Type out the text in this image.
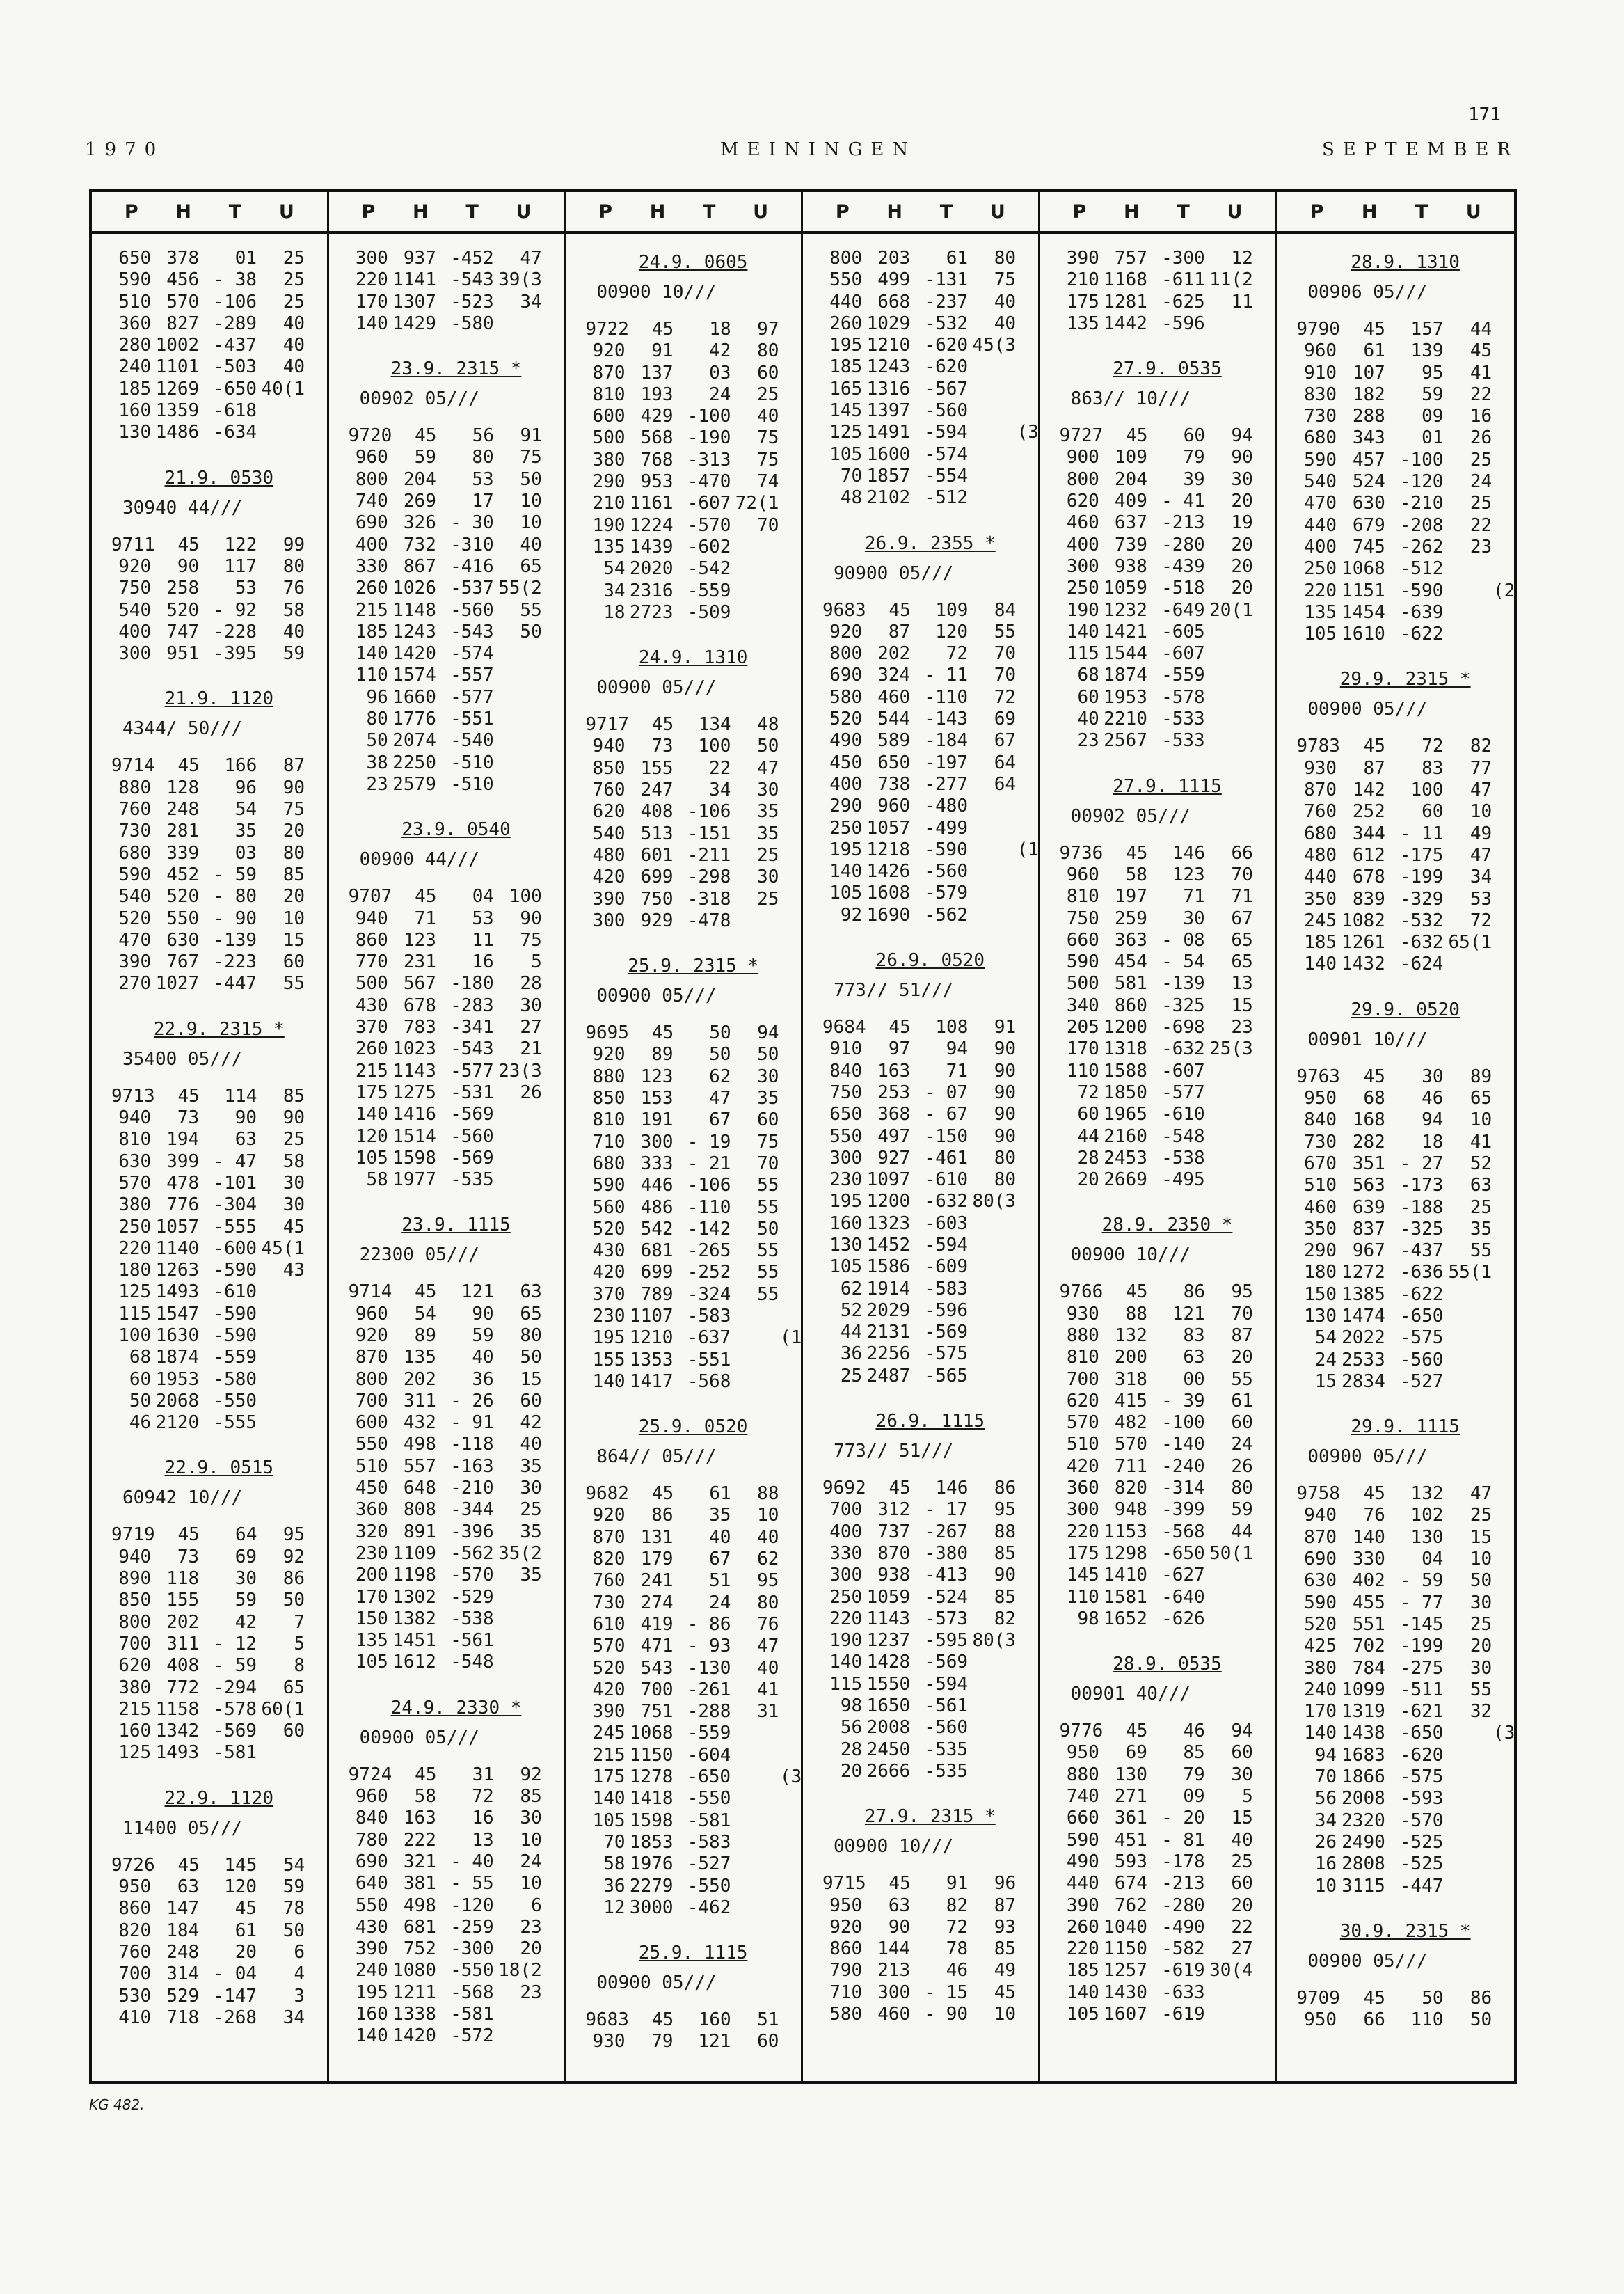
171
1970	MEININGEN	SEPTEMBER
P H T U
650 378	01	25
590 456 - 38	25
510 570 -106	25
360 827 -289	40
280 1002 -437	40
240 1101 -503	40
185 1269 -650 40(1
160 1359 -618
130 1486 -634
21.9. 0530
30940 44///
9711	45	122	99
920	90	117	80
750 258	53	76
540 520 - 92	58
400 747 -228	40
300 951 -395	59
21.9. 1120
4344/ 50///
9714	45	166	87
880 128	96	90
760 248	54	75
730 281	35	20
680 339	03	80
590 452 - 59	85
540 520 - 80	20
520 550 - 90	10
470 630 -139	15
390 767 -223	60
270 1027 -447	55
22.9. 2315 *
35400 05///
9713	45	114	85
940	73	90	90
810 194	63	25
630 399 - 47	58
570 478 -101	30
380 776 -304	30
250 1057 -555	45
220 1140 -600 45(1
180 1263 -590	43
125 1493 -610
115 1547 -590
100 1630 -590
68 1874 -559
60 1953 -580
50 2068 -550
46 2120 -555
22.9. 0515
60942 10///
9719	45	64	95
940	73	69	92
890 118	30	86
850 155	59	50
800 202	42	7
700 311 - 12	5
620 408 - 59	8
380 772 -294	65
215 1158 -578 60(1
160 1342 -569	60
125 1493 -581
22.9. 1120
11400 05///
9726	45	145	54
950	63	120	59
860 147	45	78
820 184	61	50
760 248	20	6
700 314 - 04	4
530 529 -147	3
410 718 -268	34
P H T U
300 937 -452	47
220 1141 -543 39(3
170 1307 -523	34
140 1429 -580
23.9. 2315 *
00902 05///
9720	45	56	91
960	59	80	75
800 204	53	50
740 269	17	10
690 326 - 30	10
400 732 -310	40
330 867 -416	65
260 1026 -537 55(2
215 1148 -560	55
185 1243 -543	50
140 1420 -574
110 1574 -557
96 1660 -577
80 1776 -551
50 2074 -540
38 2250 -510
23 2579 -510
23.9. 0540
00900 44///
9707	45	04 100
940	71	53	90
860 123	11	75
770 231	16	5
500 567 -180	28
430 678 -283	30
370 783 -341	27
260 1023 -543	21
215 1143 -577 23(3
175 1275 -531	26
140 1416 -569
120 1514 -560
105 1598 -569
58 1977 -535
23.9. 1115
22300 05///
9714	45	121	63
960	54	90	65
920	89	59	80
870 135	40	50
800 202	36	15
700 311 - 26	60
600 432 - 91	42
550 498 -118	40
510 557 -163	35
450 648 -210	30
360 808 -344	25
320 891 -396	35
230 1109 -562 35(2
200 1198 -570	35
170 1302 -529
150 1382 -538
135 1451 -561
105 1612 -548
24.9. 2330 *
00900 05///
9724	45	31	92
960	58	72	85
840 163	16	30
780 222	13	10
690 321 - 40	24
640 381 - 55	10
550 498 -120	6
430 681 -259	23
390 752 -300	20
240 1080 -550 18(2
195 1211 -568	23
160 1338 -581
140 1420 -572
P H T U
24.9. 0605
00900 10///
9722	45	18	97
920	91	42	80
870 137	03	60
810 193	24	25
600 429 -100	40
500 568 -190	75
380 768 -313	75
290 953 -470	74
210 1161 -607 72(1
190 1224 -570	70
135 1439 -602
54 2020 -542
34 2316 -559
18 2723 -509
24.9. 1310
00900 05///
9717	45	134	48
940	73	100	50
850 155	22	47
760 247	34	30
620 408 -106	35
540 513 -151	35
480 601 -211	25
420 699 -298	30
390 750 -318	25
300 929 -478
25.9. 2315 *
00900 05///
9695	45	50	94
920	89	50	50
880 123	62	30
850 153	47	35
810 191	67	60
710 300 - 19	75
680 333 - 21	70
590 446 -106	55
560 486 -110	55
520 542 -142	50
430 681 -265	55
420 699 -252	55
370 789 -324	55
230 1107 -583
195 1210 -637	(1
155 1353 -551
140 1417 -568
25.9. 0520
864// 05///
9682	45	61	88
920	86	35	10
870 131	40	40
820 179	67	62
760 241	51	95
730 274	24	80
610 419 - 86	76
570 471 - 93	47
520 543 -130	40
420 700 -261	41
390 751 -288	31
245 1068 -559
215 1150 -604
175 1278 -650	(3
140 1418 -550
105 1598 -581
70 1853 -583
58 1976 -527
36 2279 -550
12 3000 -462
25.9. 1115
00900 05///
9683	45	160	51
930	79	121	60
P H T U
800 203	61	80
550 499 -131	75
440 668 -237	40
260 1029 -532	40
195 1210 -620 45(3
185 1243 -620
165 1316 -567
145 1397 -560
125 1491 -594	(3
105 1600 -574
70 1857 -554
48 2102 -512
26.9. 2355 *
90900 05///
9683	45	109	84
920	87	120	55
800 202	72	70
690 324 - 11	70
580 460 -110	72
520 544 -143	69
490 589 -184	67
450 650 -197	64
400 738 -277	64
290 960 -480
250 1057 -499
195 1218 -590	(1
140 1426 -560
105 1608 -579
92 1690 -562
26.9. 0520
773// 51///
9684	45	108	91
910	97	94	90
840 163	71	90
750 253 - 07	90
650 368 - 67	90
550 497 -150	90
300 927 -461	80
230 1097 -610	80
195 1200 -632 80(3
160 1323 -603
130 1452 -594
105 1586 -609
62 1914 -583
52 2029 -596
44 2131 -569
36 2256 -575
25 2487 -565
26.9. 1115
773// 51///
9692	45	146	86
700 312 - 17	95
400 737 -267	88
330 870 -380	85
300 938 -413	90
250 1059 -524	85
220 1143 -573	82
190 1237 -595 80(3
140 1428 -569
115 1550 -594
98 1650 -561
56 2008 -560
28 2450 -535
20 2666 -535
27.9. 2315 *
00900 10///
9715	45	91	96
950	63	82	87
920	90	72	93
860 144	78	85
790 213	46	49
710 300 - 15	45
580 460 - 90	10
P H T U
390 757 -300	12
210 1168 -611 11(2
175 1281 -625	11
135 1442 -596
27.9. 0535
863// 10///
9727	45	60	94
900 109	79	90
800 204	39	30
620 409 - 41	20
460 637 -213	19
400 739 -280	20
300 938 -439	20
250 1059 -518	20
190 1232 -649 20(1
140 1421 -605
115 1544 -607
68 1874 -559
60 1953 -578
40 2210 -533
23 2567 -533
27.9. 1115
00902 05///
9736	45	146	66
960	58	123	70
810 197	71	71
750 259	30	67
660 363 - 08	65
590 454 - 54	65
500 581 -139	13
340 860 -325	15
205 1200 -698	23
170 1318 -632 25(3
110 1588 -607
72 1850 -577
60 1965 -610
44 2160 -548
28 2453 -538
20 2669 -495
28.9. 2350 *
00900 10///
9766	45	86	95
930	88	121	70
880 132	83	87
810 200	63	20
700 318	00	55
620 415 - 39	61
570 482 -100	60
510 570 -140	24
420 711 -240	26
360 820 -314	80
300 948 -399	59
220 1153 -568	44
175 1298 -650 50(1
145 1410 -627
110 1581 -640
98 1652 -626
28.9. 0535
00901 40///
9776	45	46	94
950	69	85	60
880 130	79	30
740 271	09	5
660 361 - 20	15
590 451 - 81	40
490 593 -178	25
440 674 -213	60
390 762 -280	20
260 1040 -490	22
220 1150 -582	27
185 1257 -619 30(4
140 1430 -633
105 1607 -619
P H T U
28.9. 1310
00906 05///
9790	45	157	44
960	61	139	45
910 107	95	41
830 182	59	22
730 288	09	16
680 343	01	26
590 457 -100	25
540 524 -120	24
470 630 -210	25
440 679 -208	22
400 745 -262	23
250 1068 -512
220 1151 -590	(2
135 1454 -639
105 1610 -622
29.9. 2315 *
00900 05///
9783	45	72	82
930	87	83	77
870 142	100	47
760 252	60	10
680 344 - 11	49
480 612 -175	47
440 678 -199	34
350 839 -329	53
245 1082 -532	72
185 1261 -632 65(1
140 1432 -624
29.9. 0520
00901 10///
9763	45	30	89
950	68	46	65
840 168	94	10
730 282	18	41
670 351 - 27	52
510 563 -173	63
460 639 -188	25
350 837 -325	35
290 967 -437	55
180 1272 -636 55(1
150 1385 -622
130 1474 -650
54 2022 -575
24 2533 -560
15 2834 -527
29.9. 1115
00900 05///
9758	45	132	47
940	76	102	25
870 140	130	15
690 330	04	10
630 402 - 59	50
590 455 - 77	30
520 551 -145	25
425 702 -199	20
380 784 -275	30
240 1099 -511	55
170 1319 -621	32
140 1438 -650	(3
94 1683 -620
70 1866 -575
56 2008 -593
34 2320 -570
26 2490 -525
16 2808 -525
10 3115 -447
30.9. 2315 *
00900 05///
9709	45	50	86
950	66	110	50
KG 482.
